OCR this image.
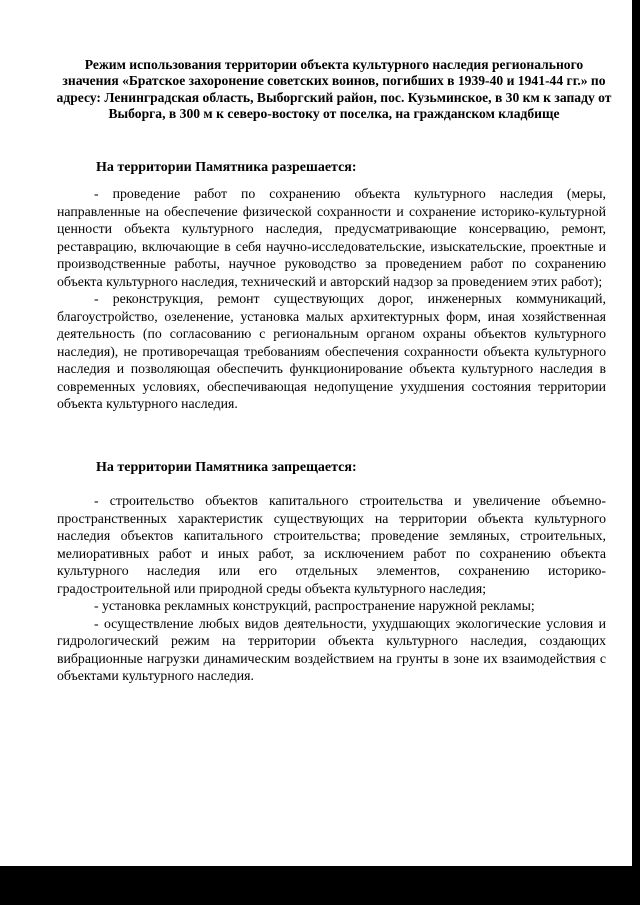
Режим использования территории объекта культурного наследия регионального значения «Братское захоронение советских воинов, погибших в 1939-40 и 1941-44 гг.» по адресу: Ленинградская область, Выборгский район, пос. Кузьминское, в 30 км к западу от Выборга, в 300 м к северо-востоку от поселка, на гражданском кладбище
На территории Памятника разрешается:

- проведение работ по сохранению объекта культурного наследия (меры, направленные на обеспечение физической сохранности и сохранение историко-культурной ценности объекта культурного наследия, предусматривающие консервацию, ремонт, реставрацию, включающие в себя научно-исследовательские, изыскательские, проектные и производственные работы, научное руководство за проведением работ по сохранению объекта культурного наследия, технический и авторский надзор за проведением этих работ);

- реконструкция, ремонт существующих дорог, инженерных коммуникаций, благоустройство, озеленение, установка малых архитектурных форм, иная хозяйственная деятельность (по согласованию с региональным органом охраны объектов культурного наследия), не противоречащая требованиям обеспечения сохранности объекта культурного наследия и позволяющая обеспечить функционирование объекта культурного наследия в современных условиях, обеспечивающая недопущение ухудшения состояния территории объекта культурного наследия.

На территории Памятника запрещается:

- строительство объектов капитального строительства и увеличение объемно-пространственных характеристик существующих на территории объекта культурного наследия объектов капитального строительства; проведение земляных, строительных, мелиоративных работ и иных работ, за исключением работ по сохранению объекта культурного наследия или его отдельных элементов, сохранению историко-градостроительной или природной среды объекта культурного наследия;

- установка рекламных конструкций, распространение наружной рекламы;

- осуществление любых видов деятельности, ухудшающих экологические условия и гидрологический режим на территории объекта культурного наследия, создающих вибрационные нагрузки динамическим воздействием на грунты в зоне их взаимодействия с объектами культурного наследия.
